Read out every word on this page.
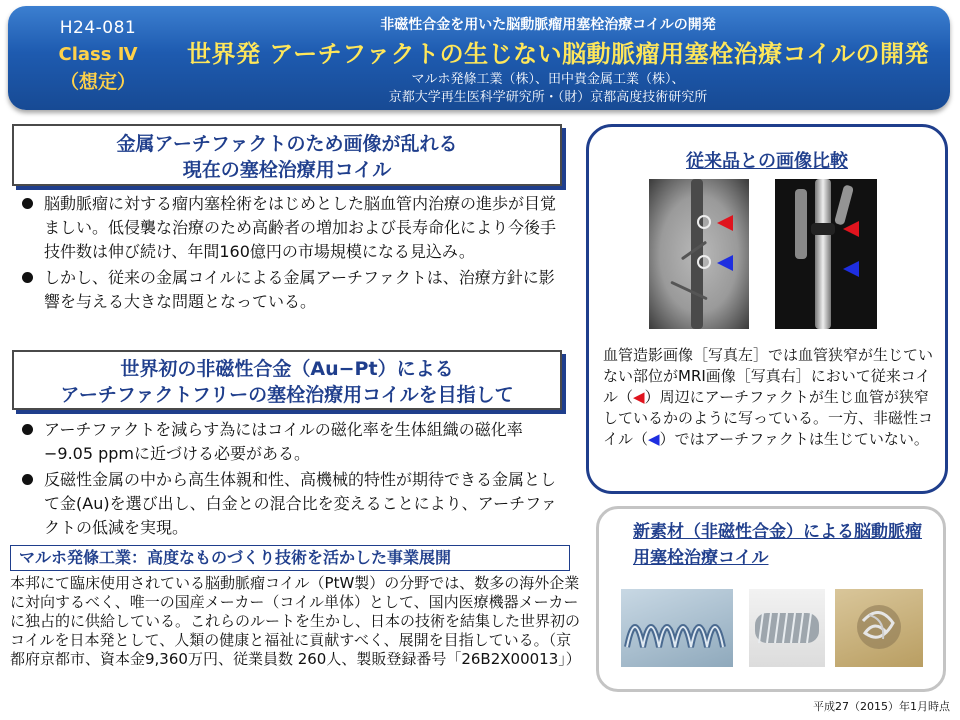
H24-081
Class Ⅳ
（想定）
非磁性合金を用いた脳動脈瘤用塞栓治療コイルの開発
世界発 アーチファクトの生じない脳動脈瘤用塞栓治療コイルの開発
マルホ発條工業（株）、田中貴金属工業（株）、
京都大学再生医科学研究所・（財）京都高度技術研究所
金属アーチファクトのため画像が乱れる
現在の塞栓治療用コイル
脳動脈瘤に対する瘤内塞栓術をはじめとした脳血管内治療の進歩が目覚ましい。低侵襲な治療のため高齢者の増加および長寿命化により今後手技件数は伸び続け、年間160億円の市場規模になる見込み。
しかし、従来の金属コイルによる金属アーチファクトは、治療方針に影響を与える大きな問題となっている。
世界初の非磁性合金（Au−Pt）による
アーチファクトフリーの塞栓治療用コイルを目指して
アーチファクトを減らす為にはコイルの磁化率を生体組織の磁化率−9.05 ppmに近づける必要がある。
反磁性金属の中から高生体親和性、高機械的特性が期待できる金属として金(Au)を選び出し、白金との混合比を変えることにより、アーチファクトの低減を実現。
マルホ発條工業：高度なものづくり技術を活かした事業展開
本邦にて臨床使用されている脳動脈瘤コイル（PtW製）の分野では、数多の海外企業に対向するべく、唯一の国産メーカー（コイル単体）として、国内医療機器メーカーに独占的に供給している。これらのルートを生かし、日本の技術を結集した世界初のコイルを日本発として、人類の健康と福祉に貢献すべく、展開を目指している。（京都府京都市、資本金9,360万円、従業員数 260人、製販登録番号「26B2X00013」）
従来品との画像比較
血管造影画像［写真左］では血管狭窄が生じていない部位がMRI画像［写真右］において従来コイル（◀）周辺にアーチファクトが生じ血管が狭窄しているかのように写っている。一方、非磁性コイル（◀）ではアーチファクトは生じていない。
新素材（非磁性合金）による脳動脈瘤用塞栓治療コイル
平成27（2015）年1月時点
